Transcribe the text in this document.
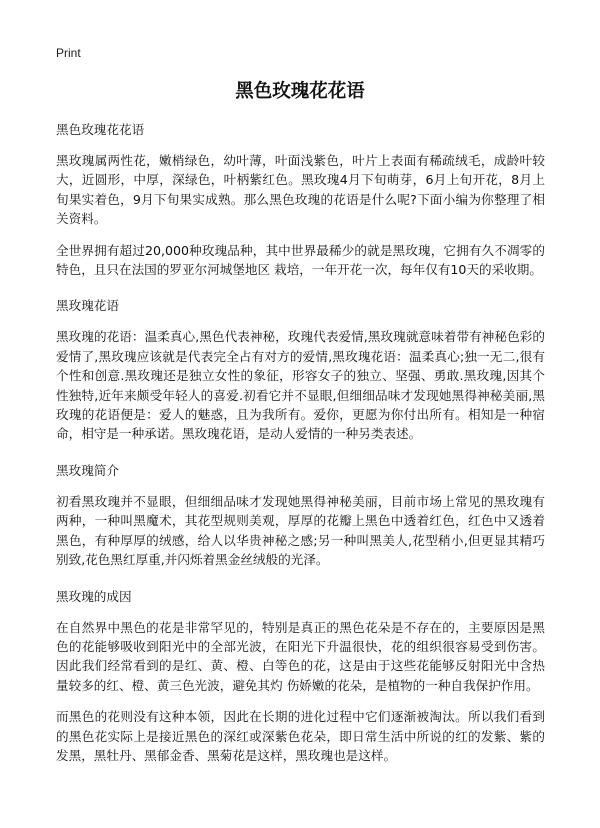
Print
黑色玫瑰花花语
黑色玫瑰花花语

黑玫瑰属两性花，嫩梢绿色，幼叶薄，叶面浅紫色，叶片上表面有稀疏绒毛，成龄叶较大，近圆形，中厚，深绿色，叶柄紫红色。黑玫瑰4月下旬萌芽，6月上旬开花，8月上旬果实着色，9月下旬果实成熟。那么黑色玫瑰的花语是什么呢?下面小编为你整理了相关资料。

全世界拥有超过20,000种玫瑰品种，其中世界最稀少的就是黑玫瑰，它拥有久不凋零的特色，且只在法国的罗亚尔河城堡地区 栽培，一年开花一次，每年仅有10天的采收期。

黑玫瑰花语

黑玫瑰的花语：温柔真心,黑色代表神秘，玫瑰代表爱情,黑玫瑰就意味着带有神秘色彩的爱情了,黑玫瑰应该就是代表完全占有对方的爱情,黑玫瑰花语：温柔真心;独一无二,很有个性和创意.黑玫瑰还是独立女性的象征，形容女子的独立、坚强、勇敢.黑玫瑰,因其个性独特,近年来颇受年轻人的喜爱.初看它并不显眼,但细细品味才发现她黑得神秘美丽,黑玫瑰的花语便是：爱人的魅惑，且为我所有。爱你，更愿为你付出所有。相知是一种宿命，相守是一种承诺。黑玫瑰花语，是动人爱情的一种另类表述。

黑玫瑰简介

初看黑玫瑰并不显眼，但细细品味才发现她黑得神秘美丽，目前市场上常见的黑玫瑰有两种，一种叫黑魔术，其花型规则美观，厚厚的花瓣上黑色中透着红色，红色中又透着黑色，有种厚厚的绒感，给人以华贵神秘之感;另一种叫黑美人,花型稍小,但更显其精巧别致,花色黑红厚重,并闪烁着黑金丝绒般的光泽。

黑玫瑰的成因

在自然界中黑色的花是非常罕见的，特别是真正的黑色花朵是不存在的，主要原因是黑色的花能够吸收到阳光中的全部光波，在阳光下升温很快，花的组织很容易受到伤害。因此我们经常看到的是红、黄、橙、白等色的花，这是由于这些花能够反射阳光中含热量较多的红、橙、黄三色光波，避免其灼 伤娇嫩的花朵，是植物的一种自我保护作用。

而黑色的花则没有这种本领，因此在长期的进化过程中它们逐渐被淘汰。所以我们看到的黑色花实际上是接近黑色的深红或深紫色花朵，即日常生活中所说的红的发紫、紫的发黑，黑牡丹、黑郁金香、黑菊花是这样，黑玫瑰也是这样。
